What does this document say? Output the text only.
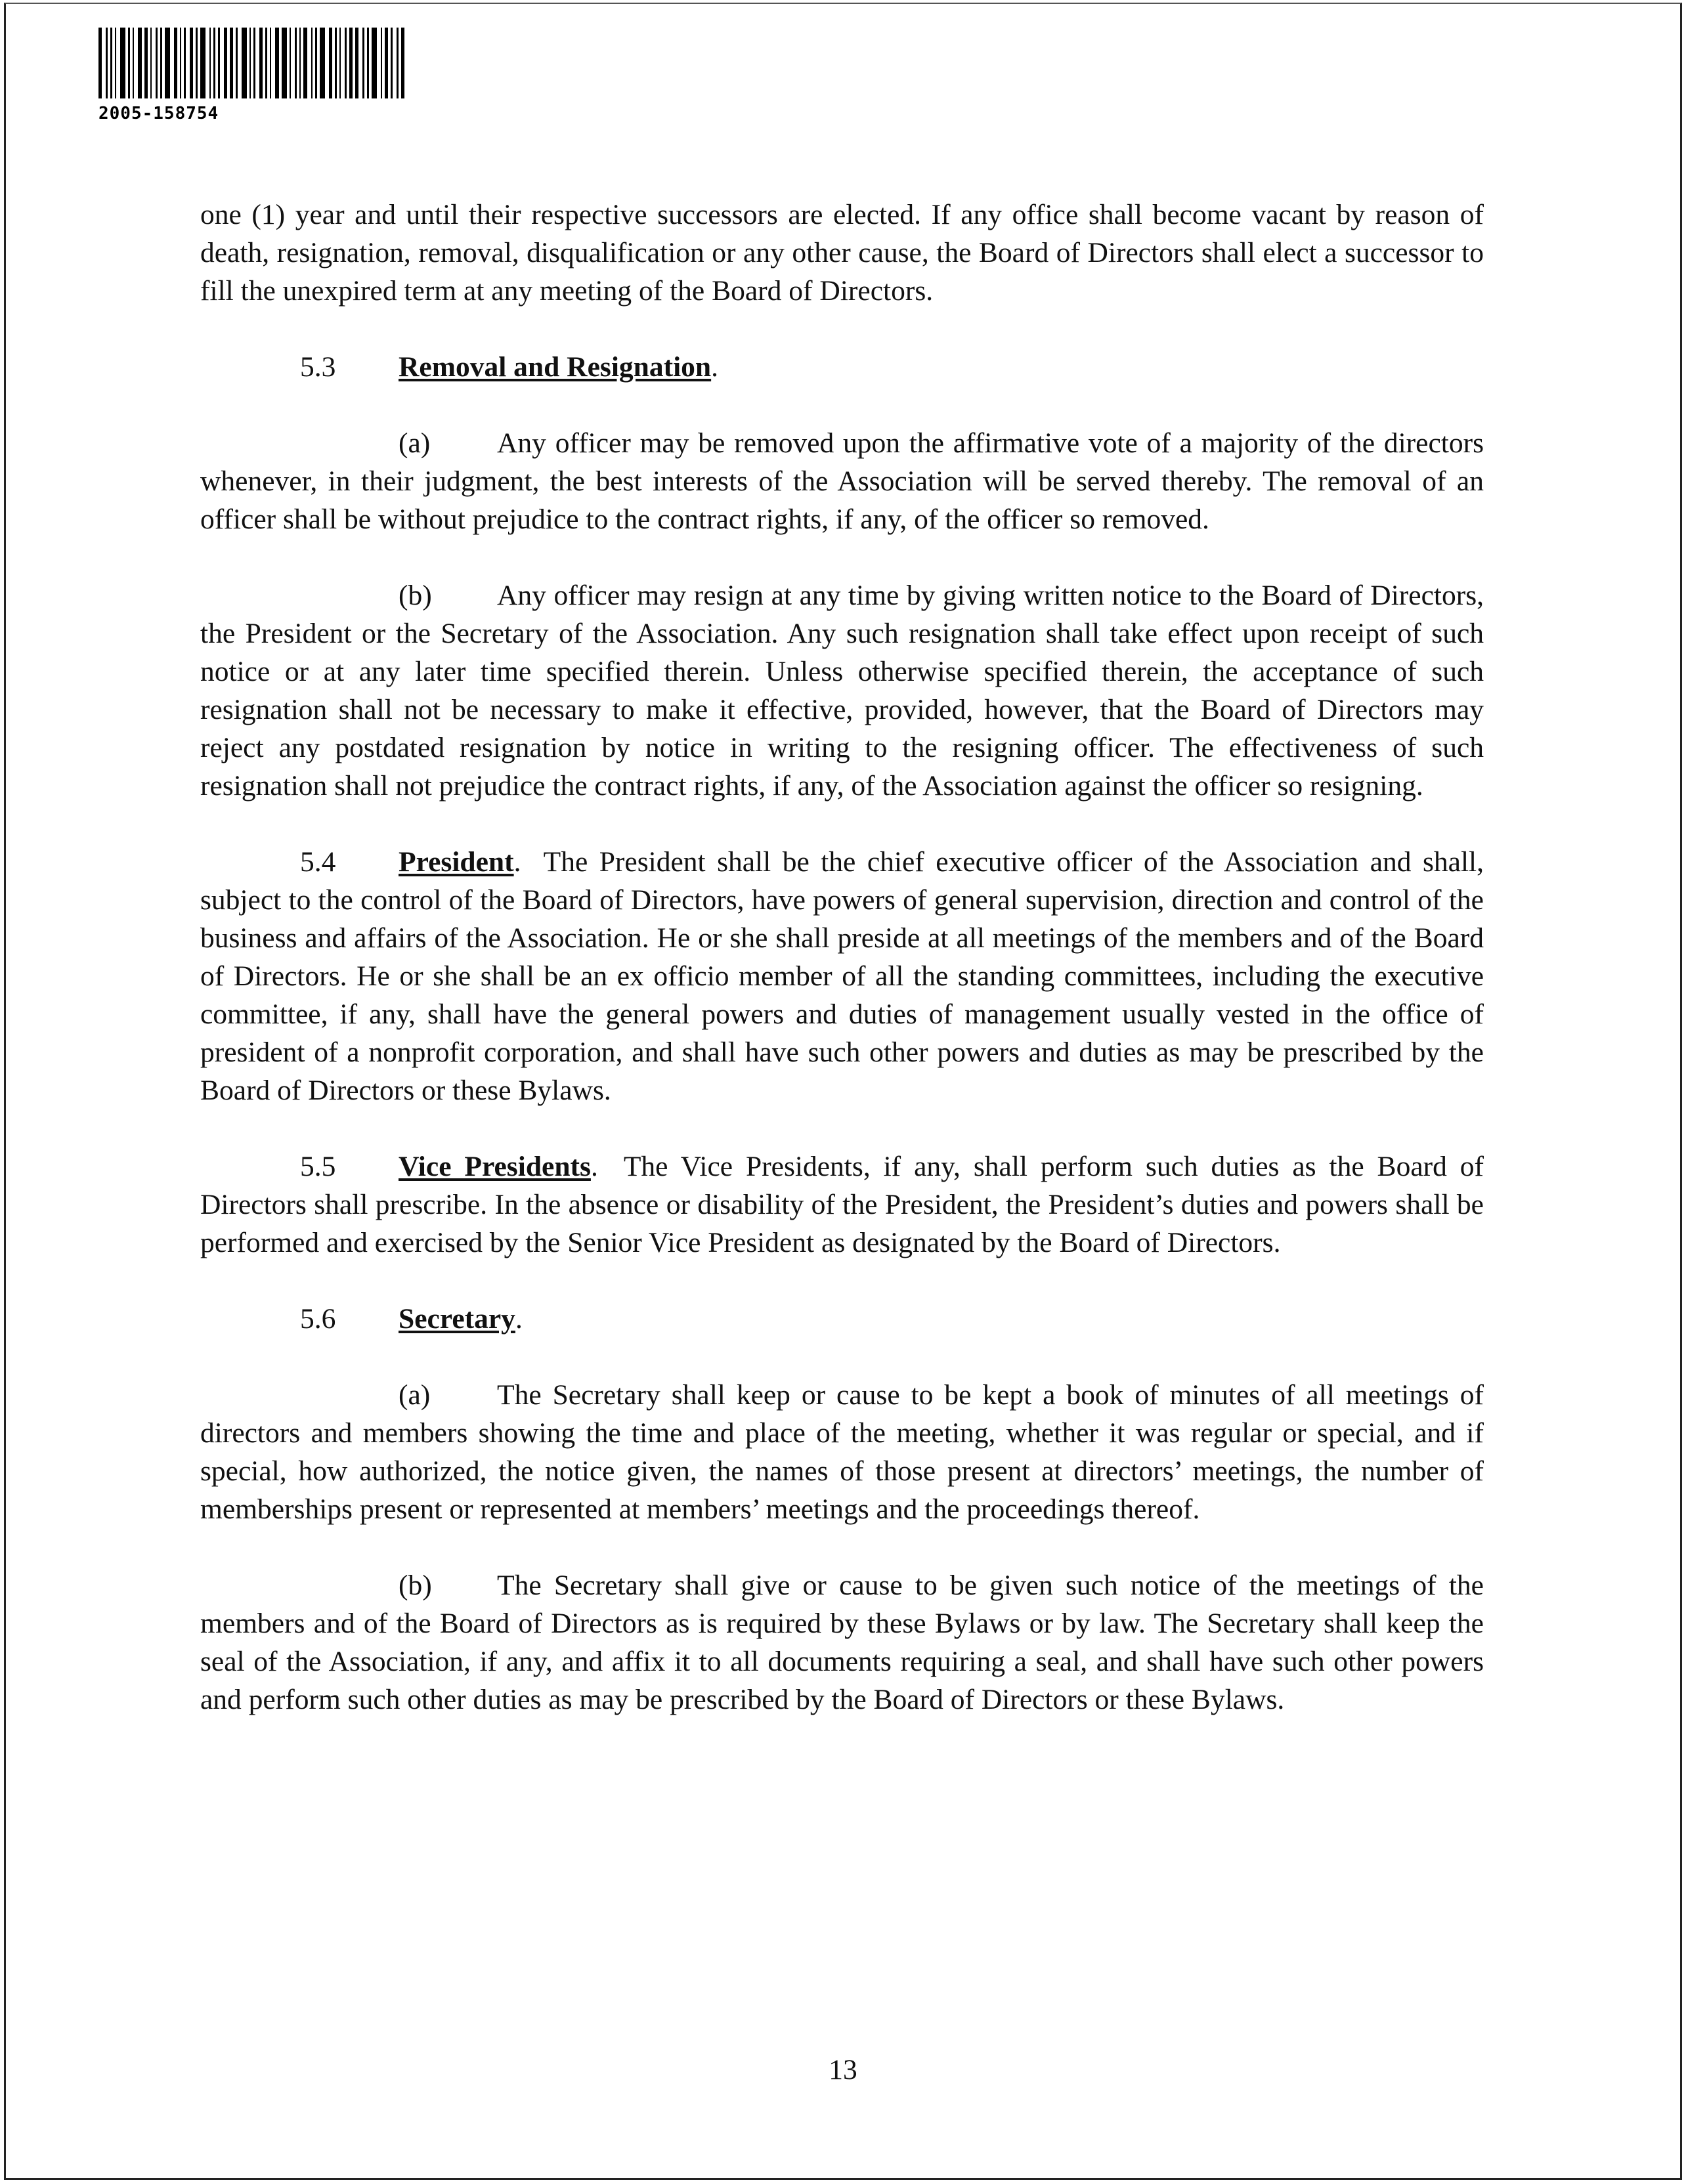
2005-158754

one (1) year and until their respective successors are elected. If any office shall become vacant by reason of death, resignation, removal, disqualification or any other cause, the Board of Directors shall elect a successor to fill the unexpired term at any meeting of the Board of Directors.

5.3 Removal and Resignation.

(a) Any officer may be removed upon the affirmative vote of a majority of the directors whenever, in their judgment, the best interests of the Association will be served thereby. The removal of an officer shall be without prejudice to the contract rights, if any, of the officer so removed.

(b) Any officer may resign at any time by giving written notice to the Board of Directors, the President or the Secretary of the Association. Any such resignation shall take effect upon receipt of such notice or at any later time specified therein. Unless otherwise specified therein, the acceptance of such resignation shall not be necessary to make it effective, provided, however, that the Board of Directors may reject any postdated resignation by notice in writing to the resigning officer. The effectiveness of such resignation shall not prejudice the contract rights, if any, of the Association against the officer so resigning.

5.4 President.  The President shall be the chief executive officer of the Association and shall, subject to the control of the Board of Directors, have powers of general supervision, direction and control of the business and affairs of the Association. He or she shall preside at all meetings of the members and of the Board of Directors. He or she shall be an ex officio member of all the standing committees, including the executive committee, if any, shall have the general powers and duties of management usually vested in the office of president of a nonprofit corporation, and shall have such other powers and duties as may be prescribed by the Board of Directors or these Bylaws.

5.5 Vice Presidents.  The Vice Presidents, if any, shall perform such duties as the Board of Directors shall prescribe. In the absence or disability of the President, the President’s duties and powers shall be performed and exercised by the Senior Vice President as designated by the Board of Directors.

5.6 Secretary.

(a) The Secretary shall keep or cause to be kept a book of minutes of all meetings of directors and members showing the time and place of the meeting, whether it was regular or special, and if special, how authorized, the notice given, the names of those present at directors’ meetings, the number of memberships present or represented at members’ meetings and the proceedings thereof.

(b) The Secretary shall give or cause to be given such notice of the meetings of the members and of the Board of Directors as is required by these Bylaws or by law. The Secretary shall keep the seal of the Association, if any, and affix it to all documents requiring a seal, and shall have such other powers and perform such other duties as may be prescribed by the Board of Directors or these Bylaws.

13
